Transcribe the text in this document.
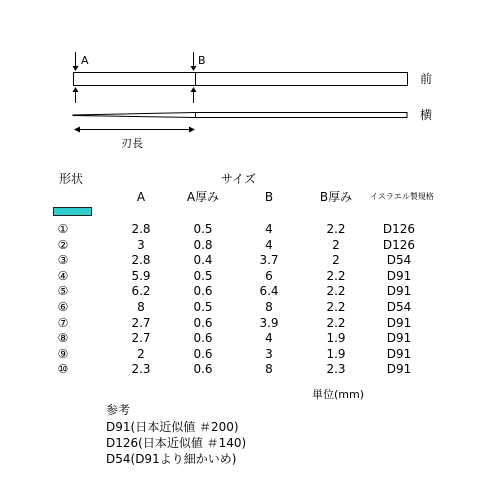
A	B
前
横
刃長
形状	サイズ
A	A厚み	B	B厚み イスラエル製規格
①	2.8	0.5	4	2.2	D126
②	3	0.8	4	2	D126
③	2.8	0.4	3.7	2	D54
④	5.9	0.5	6	2.2	D91
⑤	6.2	0.6	6.4	2.2	D91
⑥	8	0.5	8	2.2	D54
⑦	2.7	0.6	3.9	2.2	D91
⑧	2.7	0.6	4	1.9	D91
⑨	2	0.6	3	1.9	D91
⑩	2.3	0.6	8	2.3	D91
単位(mm)
参考
D91(日本近似値 ＃200)
D126(日本近似値 ＃140)
D54(D91より細かいめ)
